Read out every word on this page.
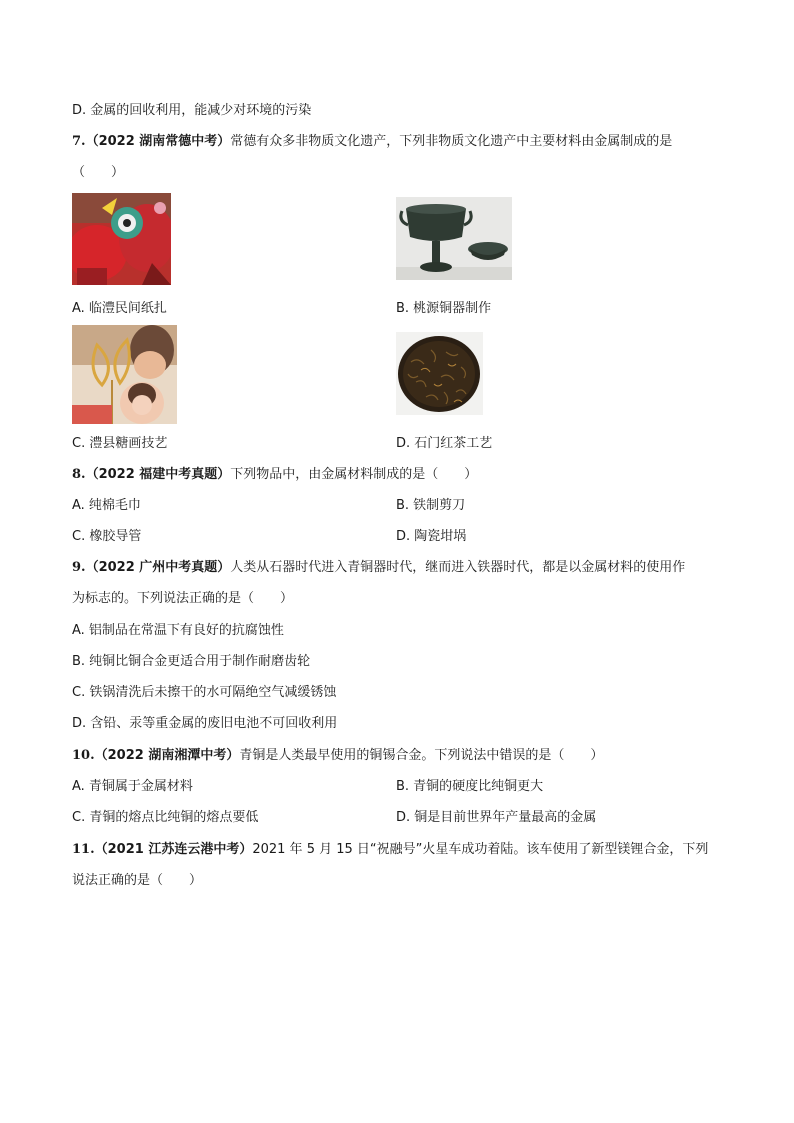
D. 金属的回收利用，能减少对环境的污染
7.（2022 湖南常德中考）常德有众多非物质文化遗产，下列非物质文化遗产中主要材料由金属制成的是
（　　）
A. 临澧民间纸扎	B. 桃源铜器制作
C. 澧县糖画技艺	D. 石门红茶工艺
8.（2022 福建中考真题）下列物品中，由金属材料制成的是（　　）
A. 纯棉毛巾	B. 铁制剪刀
C. 橡胶导管	D. 陶瓷坩埚
9.（2022 广州中考真题）人类从石器时代进入青铜器时代，继而进入铁器时代，都是以金属材料的使用作
为标志的。下列说法正确的是（　　）
A. 铝制品在常温下有良好的抗腐蚀性
B. 纯铜比铜合金更适合用于制作耐磨齿轮
C. 铁锅清洗后未擦干的水可隔绝空气减缓锈蚀
D. 含铅、汞等重金属的废旧电池不可回收利用
10.（2022 湖南湘潭中考）青铜是人类最早使用的铜锡合金。下列说法中错误的是（　　）
A. 青铜属于金属材料	B. 青铜的硬度比纯铜更大
C. 青铜的熔点比纯铜的熔点要低	D. 铜是目前世界年产量最高的金属
11.（2021 江苏连云港中考）2021 年 5 月 15 日“祝融号”火星车成功着陆。该车使用了新型镁锂合金，下列
说法正确的是（　　）
